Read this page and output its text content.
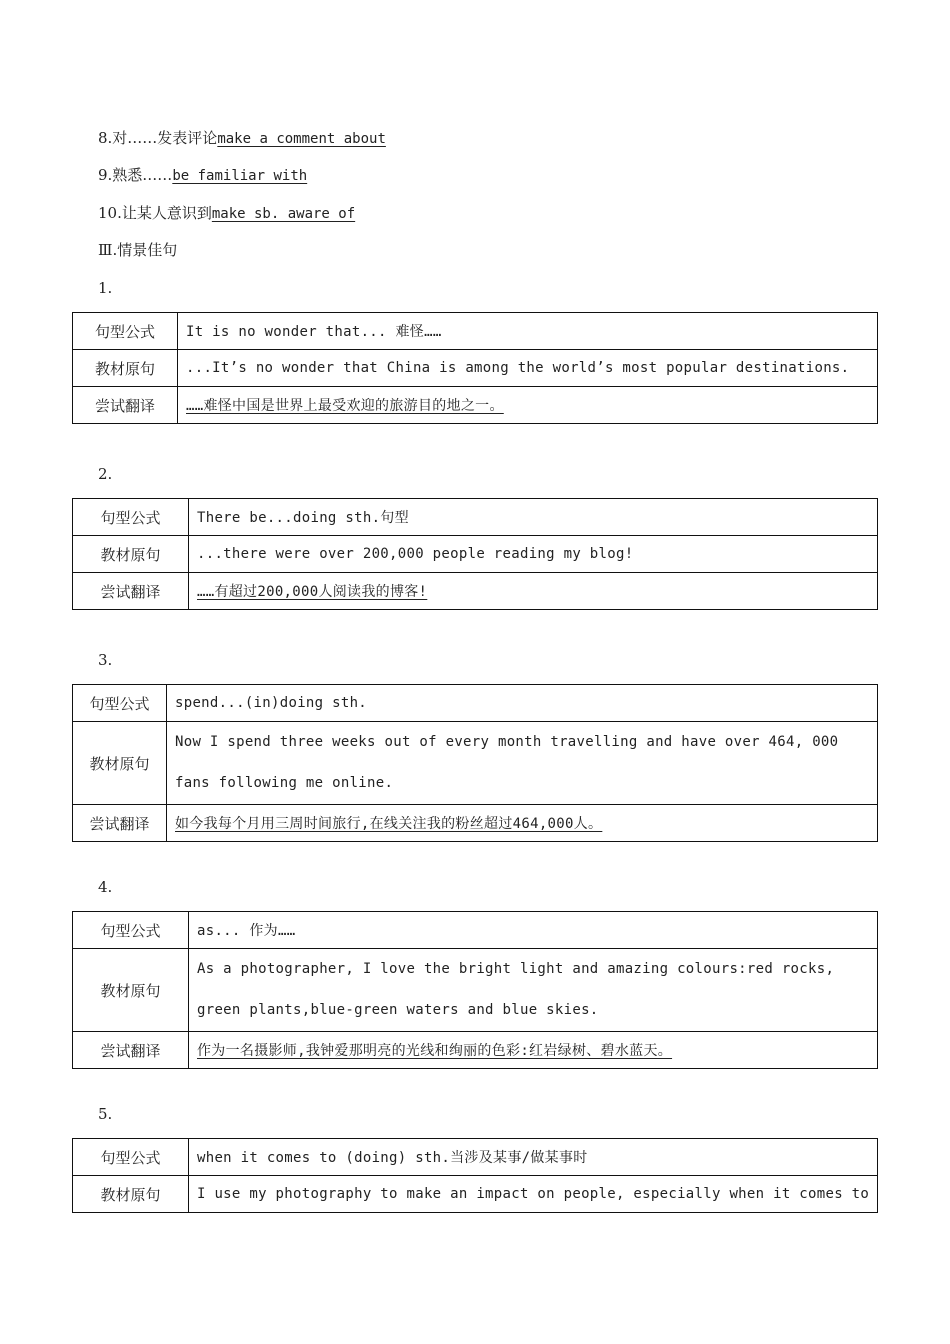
8.对……发表评论make a comment about
9.熟悉……be familiar with
10.让某人意识到make sb. aware of
Ⅲ.情景佳句
1.
句型公式	It is no wonder that... 难怪……
教材原句	...It’s no wonder that China is among the world’s most popular destinations.
尝试翻译	……难怪中国是世界上最受欢迎的旅游目的地之一。
2.
句型公式	There be...doing sth.句型
教材原句	...there were over 200,000 people reading my blog!
尝试翻译	……有超过200,000人阅读我的博客!
3.
句型公式	spend...(in)doing sth.
教材原句	Now I spend three weeks out of every month travelling and have over 464, 000 fans following me online.
尝试翻译	如今我每个月用三周时间旅行,在线关注我的粉丝超过464,000人。
4.
句型公式	as... 作为……
教材原句	As a photographer, I love the bright light and amazing colours:red rocks, green plants,blue-green waters and blue skies.
尝试翻译	作为一名摄影师,我钟爱那明亮的光线和绚丽的色彩:红岩绿树、碧水蓝天。
5.
句型公式	when it comes to (doing) sth.当涉及某事/做某事时
教材原句	I use my photography to make an impact on people, especially when it comes to
